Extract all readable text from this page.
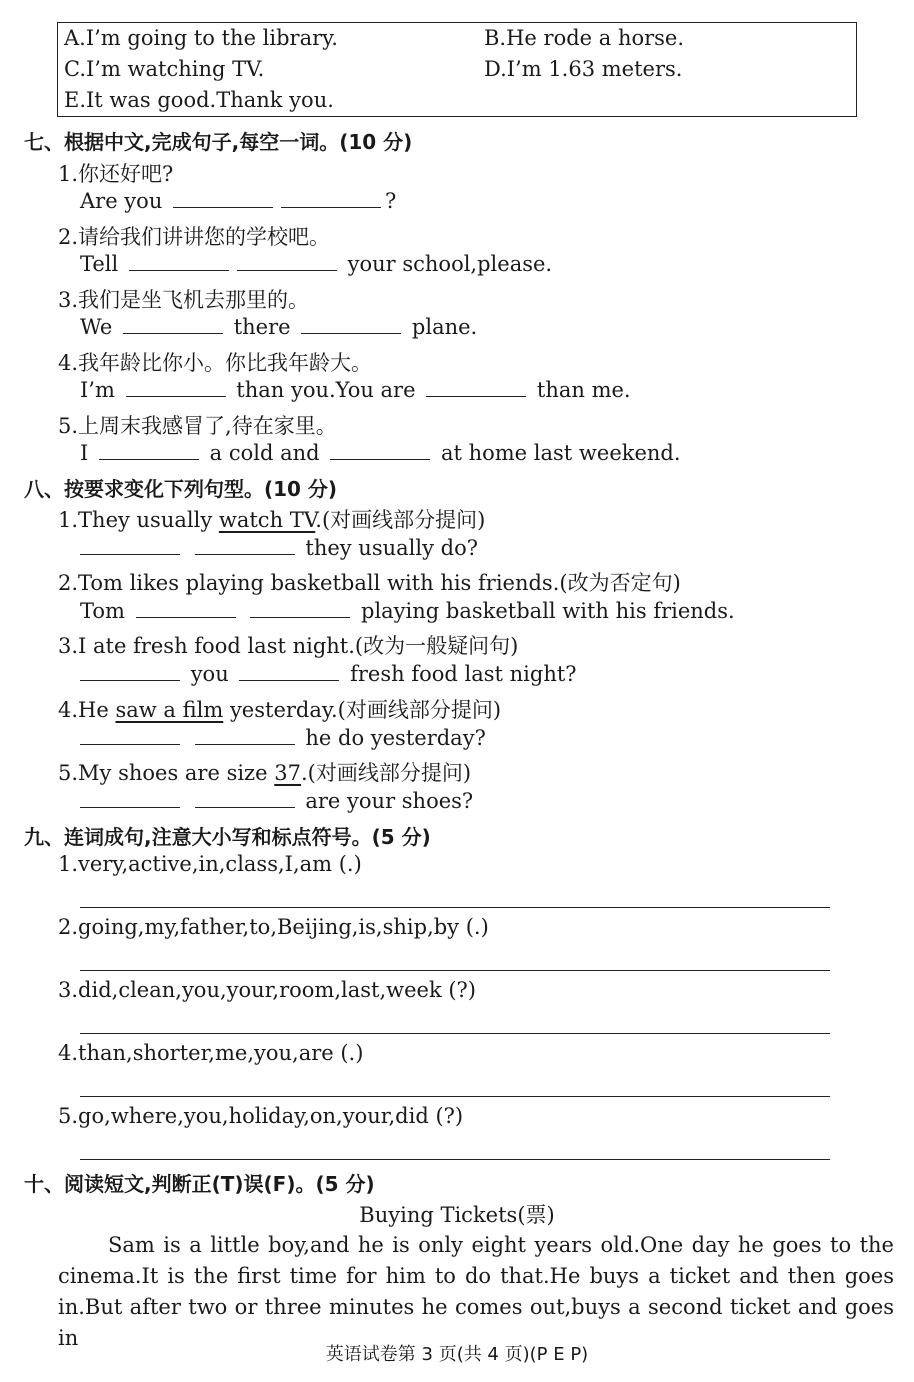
A.I’m going to the library.	B.He rode a horse.
C.I’m watching TV.	D.I’m 1.63 meters.
E.It was good.Thank you.
七、根据中文,完成句子,每空一词。(10 分)
1.你还好吧?
Are you	?
2.请给我们讲讲您的学校吧。
Tell	your school,please.
3.我们是坐飞机去那里的。
We	there	plane.
4.我年龄比你小。你比我年龄大。
I’m	than you.You are	than me.
5.上周末我感冒了,待在家里。
I	a cold and	at home last weekend.
八、按要求变化下列句型。(10 分)
1.They usually watch TV.(对画线部分提问)
they usually do?
2.Tom likes playing basketball with his friends.(改为否定句)
Tom	playing basketball with his friends.
3.I ate fresh food last night.(改为一般疑问句)
you	fresh food last night?
4.He saw a film yesterday.(对画线部分提问)
he do yesterday?
5.My shoes are size 37.(对画线部分提问)
are your shoes?
九、连词成句,注意大小写和标点符号。(5 分)
1.very,active,in,class,I,am (.)
2.going,my,father,to,Beijing,is,ship,by (.)
3.did,clean,you,your,room,last,week (?)
4.than,shorter,me,you,are (.)
5.go,where,you,holiday,on,your,did (?)
十、阅读短文,判断正(T)误(F)。(5 分)
Buying Tickets(票)
Sam is a little boy,and he is only eight years old.One day he goes to the cinema.It is the first time for him to do that.He buys a ticket and then goes in.But after two or three minutes he comes out,buys a second ticket and goes in
英语试卷第 3 页(共 4 页)(P E P)
